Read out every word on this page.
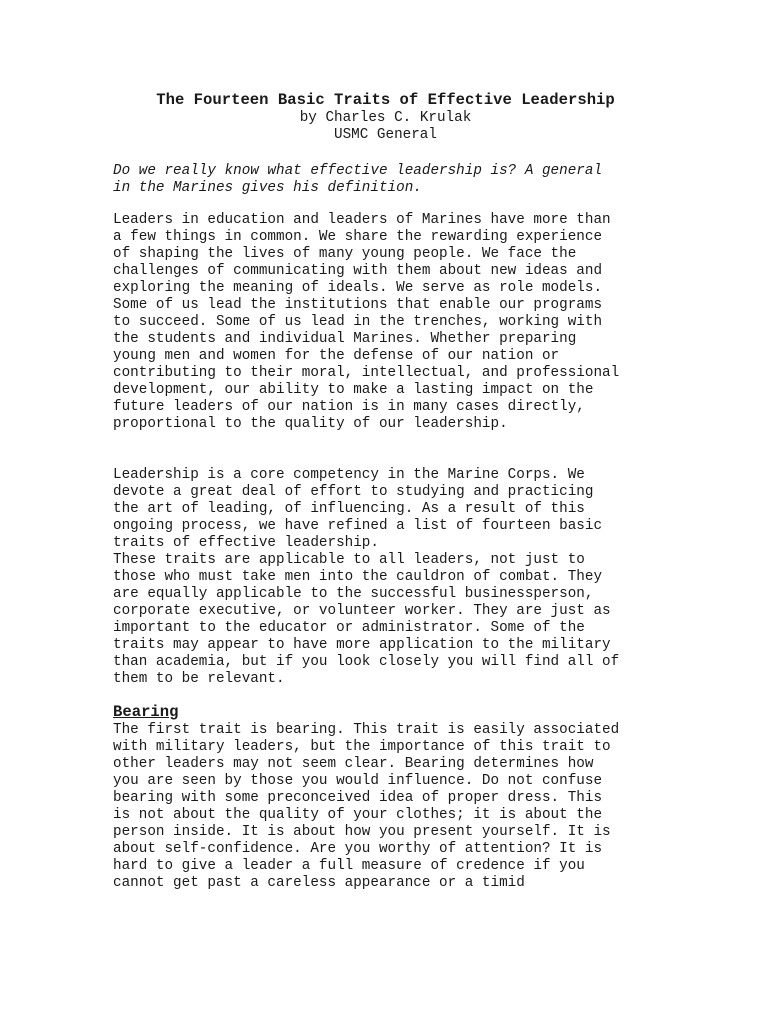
The Fourteen Basic Traits of Effective Leadership
by Charles C. Krulak
USMC General

Do we really know what effective leadership is? A general
in the Marines gives his definition.

Leaders in education and leaders of Marines have more than
a few things in common. We share the rewarding experience
of shaping the lives of many young people. We face the
challenges of communicating with them about new ideas and
exploring the meaning of ideals. We serve as role models.
Some of us lead the institutions that enable our programs
to succeed. Some of us lead in the trenches, working with
the students and individual Marines. Whether preparing
young men and women for the defense of our nation or
contributing to their moral, intellectual, and professional
development, our ability to make a lasting impact on the
future leaders of our nation is in many cases directly,
proportional to the quality of our leadership.

Leadership is a core competency in the Marine Corps. We
devote a great deal of effort to studying and practicing
the art of leading, of influencing. As a result of this
ongoing process, we have refined a list of fourteen basic
traits of effective leadership.
These traits are applicable to all leaders, not just to
those who must take men into the cauldron of combat. They
are equally applicable to the successful businessperson,
corporate executive, or volunteer worker. They are just as
important to the educator or administrator. Some of the
traits may appear to have more application to the military
than academia, but if you look closely you will find all of
them to be relevant.

Bearing

The first trait is bearing. This trait is easily associated
with military leaders, but the importance of this trait to
other leaders may not seem clear. Bearing determines how
you are seen by those you would influence. Do not confuse
bearing with some preconceived idea of proper dress. This
is not about the quality of your clothes; it is about the
person inside. It is about how you present yourself. It is
about self-confidence. Are you worthy of attention? It is
hard to give a leader a full measure of credence if you
cannot get past a careless appearance or a timid
